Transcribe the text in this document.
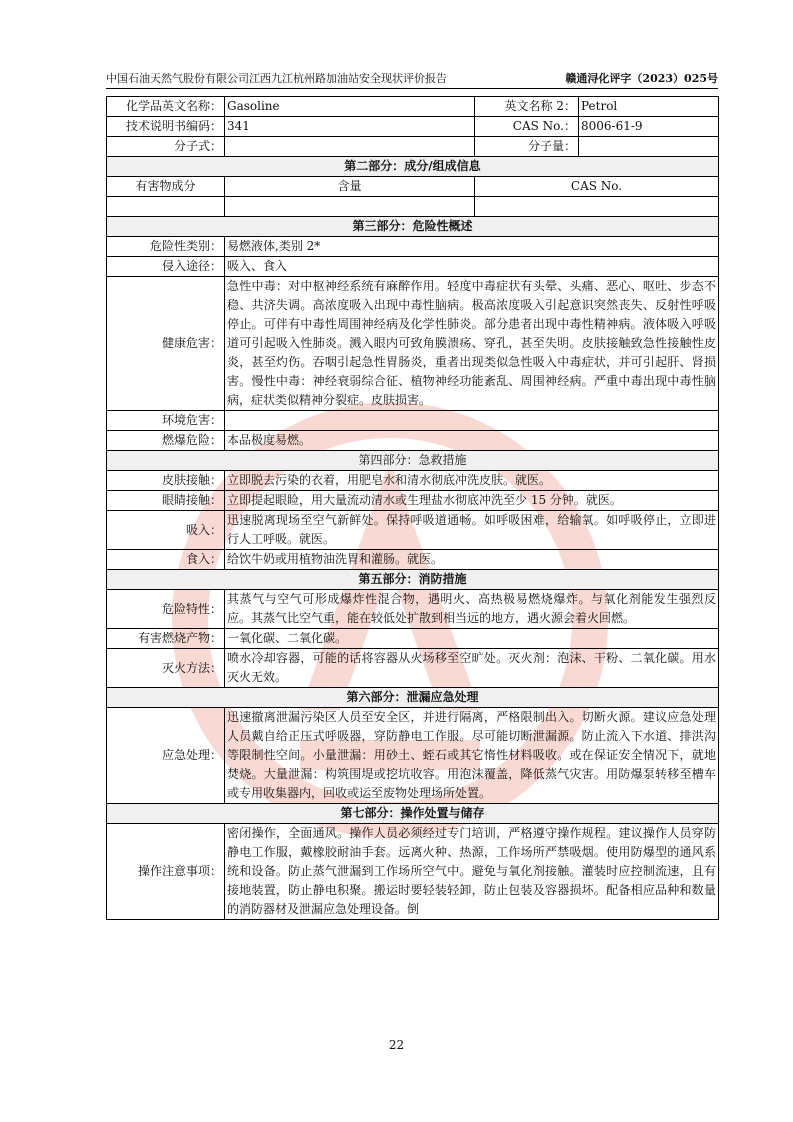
中国石油天然气股份有限公司江西九江杭州路加油站安全现状评价报告	赣通浔化评字（2023）025号
化学品英文名称：	Gasoline	英文名称 2：	Petrol
技术说明书编码：	341	CAS No.：	8006-61-9
分子式：		分子量：	
第二部分：成分/组成信息			
有害物成分	含量	CAS No.	

第三部分：危险性概述			
危险性类别：	易燃液体,类别 2*		
侵入途径：	吸入、食入		
健康危害：	急性中毒：对中枢神经系统有麻醉作用。轻度中毒症状有头晕、头痛、恶心、呕吐、步态不稳、共济失调。高浓度吸入出现中毒性脑病。极高浓度吸入引起意识突然丧失、反射性呼吸停止。可伴有中毒性周围神经病及化学性肺炎。部分患者出现中毒性精神病。液体吸入呼吸道可引起吸入性肺炎。溅入眼内可致角膜溃疡、穿孔，甚至失明。皮肤接触致急性接触性皮炎，甚至灼伤。吞咽引起急性胃肠炎，重者出现类似急性吸入中毒症状，并可引起肝、肾损害。慢性中毒：神经衰弱综合征、植物神经功能紊乱、周围神经病。严重中毒出现中毒性脑病，症状类似精神分裂症。皮肤损害。		
环境危害：			
燃爆危险：	本品极度易燃。		
第四部分：急救措施			
皮肤接触：	立即脱去污染的衣着，用肥皂水和清水彻底冲洗皮肤。就医。		
眼睛接触：	立即提起眼睑，用大量流动清水或生理盐水彻底冲洗至少 15 分钟。就医。		
吸入：	迅速脱离现场至空气新鲜处。保持呼吸道通畅。如呼吸困难，给输氧。如呼吸停止，立即进行人工呼吸。就医。		
食入：	给饮牛奶或用植物油洗胃和灌肠。就医。		
第五部分：消防措施			
危险特性：	其蒸气与空气可形成爆炸性混合物，遇明火、高热极易燃烧爆炸。与氧化剂能发生强烈反应。其蒸气比空气重，能在较低处扩散到相当远的地方，遇火源会着火回燃。		
有害燃烧产物：	一氧化碳、二氧化碳。		
灭火方法：	喷水冷却容器，可能的话将容器从火场移至空旷处。灭火剂：泡沫、干粉、二氧化碳。用水灭火无效。		
第六部分：泄漏应急处理			
应急处理：	迅速撤离泄漏污染区人员至安全区，并进行隔离，严格限制出入。切断火源。建议应急处理人员戴自给正压式呼吸器，穿防静电工作服。尽可能切断泄漏源。防止流入下水道、排洪沟等限制性空间。小量泄漏：用砂土、蛭石或其它惰性材料吸收。或在保证安全情况下，就地焚烧。大量泄漏：构筑围堤或挖坑收容。用泡沫覆盖，降低蒸气灾害。用防爆泵转移至槽车或专用收集器内，回收或运至废物处理场所处置。		
第七部分：操作处置与储存			
操作注意事项：	密闭操作，全面通风。操作人员必须经过专门培训，严格遵守操作规程。建议操作人员穿防静电工作服，戴橡胶耐油手套。远离火种、热源，工作场所严禁吸烟。使用防爆型的通风系统和设备。防止蒸气泄漏到工作场所空气中。避免与氧化剂接触。灌装时应控制流速，且有接地装置，防止静电积聚。搬运时要轻装轻卸，防止包装及容器损坏。配备相应品种和数量的消防器材及泄漏应急处理设备。倒		
22
